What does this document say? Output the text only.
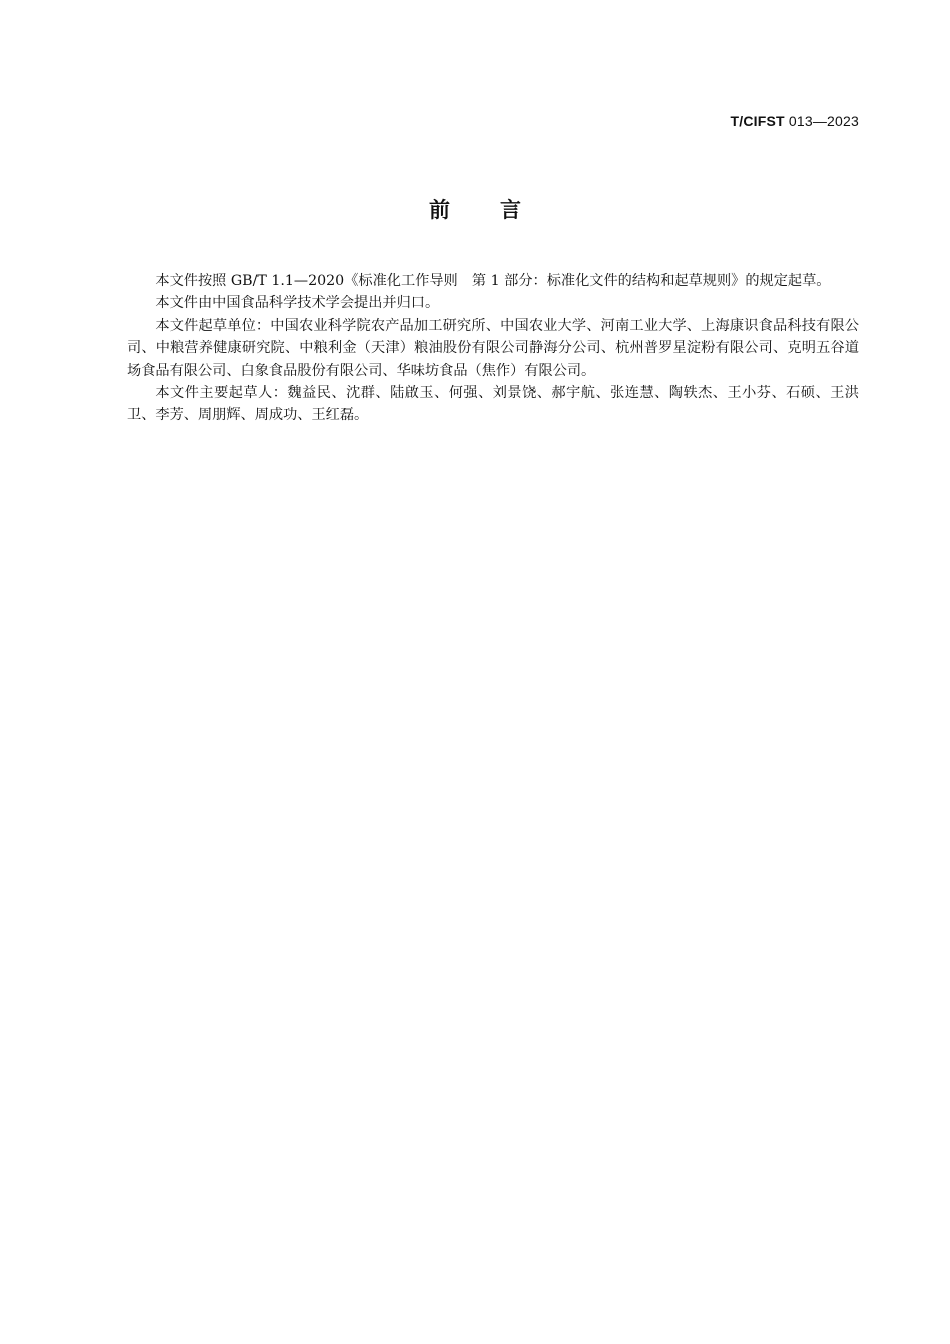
T/CIFST 013—2023
前言

本文件按照 GB/T 1.1—2020《标准化工作导则　第 1 部分：标准化文件的结构和起草规则》的规定起草。

本文件由中国食品科学技术学会提出并归口。

本文件起草单位：中国农业科学院农产品加工研究所、中国农业大学、河南工业大学、上海康识食品科技有限公司、中粮营养健康研究院、中粮利金（天津）粮油股份有限公司静海分公司、杭州普罗星淀粉有限公司、克明五谷道场食品有限公司、白象食品股份有限公司、华味坊食品（焦作）有限公司。

本文件主要起草人：魏益民、沈群、陆啟玉、何强、刘景饶、郝宇航、张连慧、陶轶杰、王小芬、石硕、王洪卫、李芳、周朋辉、周成功、王红磊。
